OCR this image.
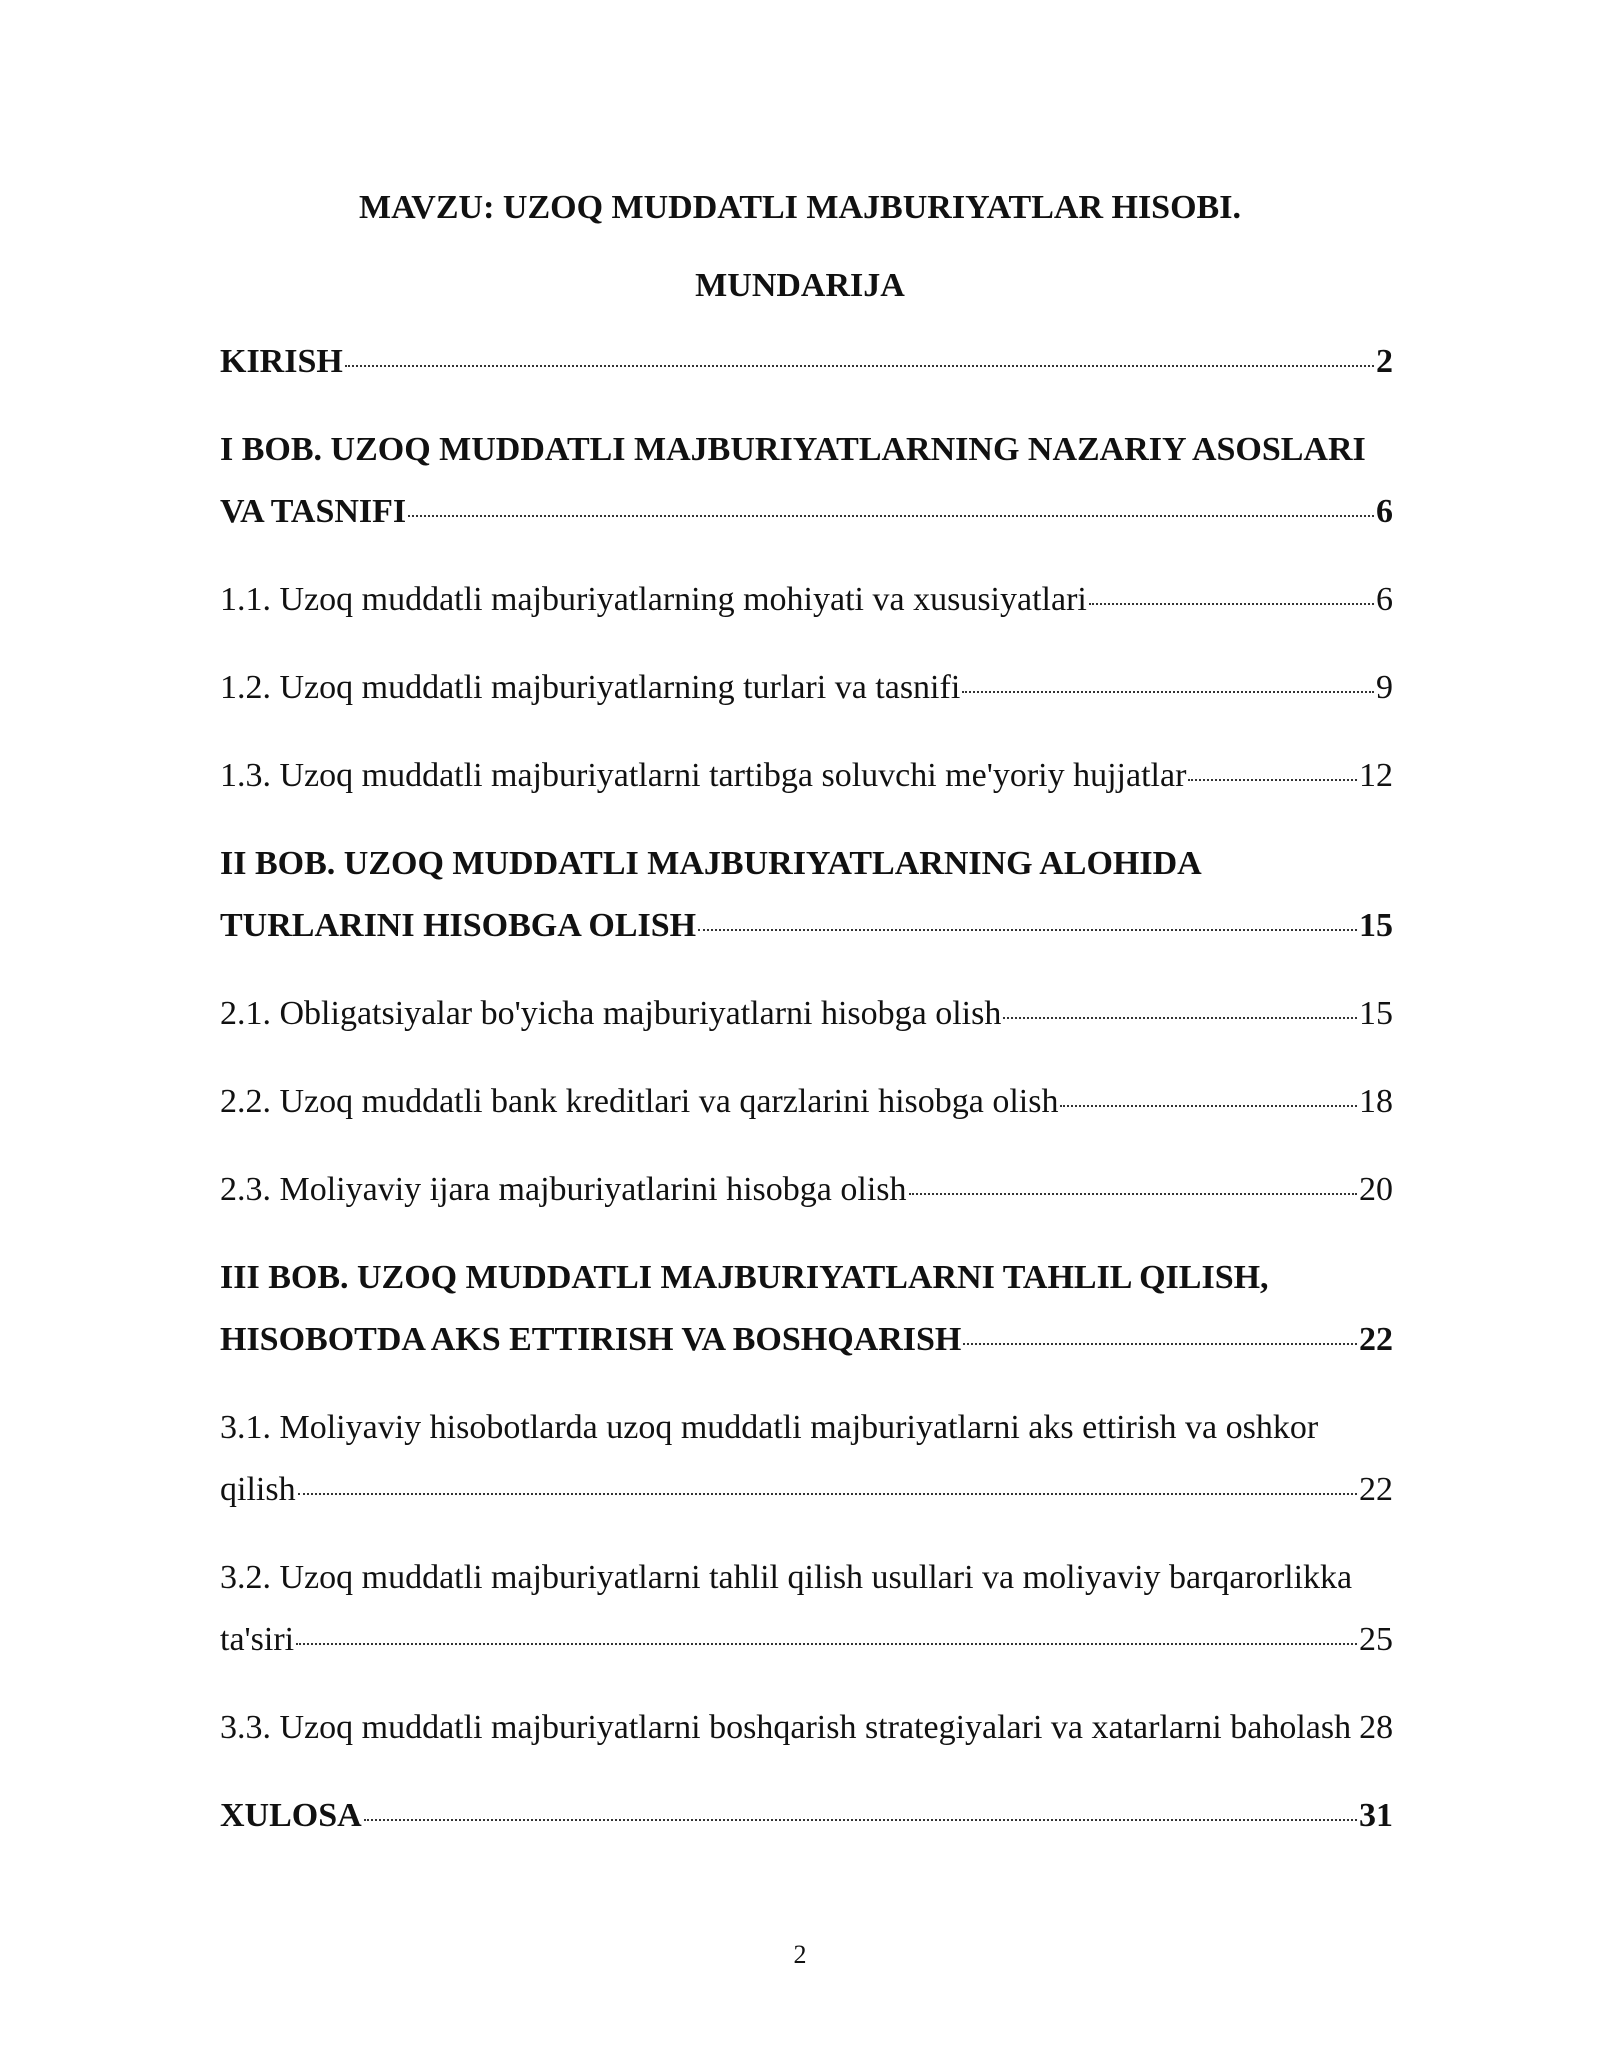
MAVZU: UZOQ MUDDATLI MAJBURIYATLAR HISOBI.
MUNDARIJA
KIRISH	2
I BOB. UZOQ MUDDATLI MAJBURIYATLARNING NAZARIY ASOSLARI
VA TASNIFI	6
1.1. Uzoq muddatli majburiyatlarning mohiyati va xususiyatlari	6
1.2. Uzoq muddatli majburiyatlarning turlari va tasnifi	9
1.3. Uzoq muddatli majburiyatlarni tartibga soluvchi me'yoriy hujjatlar	12
II BOB. UZOQ MUDDATLI MAJBURIYATLARNING ALOHIDA
TURLARINI HISOBGA OLISH	15
2.1. Obligatsiyalar bo'yicha majburiyatlarni hisobga olish	15
2.2. Uzoq muddatli bank kreditlari va qarzlarini hisobga olish	18
2.3. Moliyaviy ijara majburiyatlarini hisobga olish	20
III BOB. UZOQ MUDDATLI MAJBURIYATLARNI TAHLIL QILISH,
HISOBOTDA AKS ETTIRISH VA BOSHQARISH	22
3.1. Moliyaviy hisobotlarda uzoq muddatli majburiyatlarni aks ettirish va oshkor
qilish	22
3.2. Uzoq muddatli majburiyatlarni tahlil qilish usullari va moliyaviy barqarorlikka
ta'siri	25
3.3. Uzoq muddatli majburiyatlarni boshqarish strategiyalari va xatarlarni baholash 28
XULOSA	31
2
